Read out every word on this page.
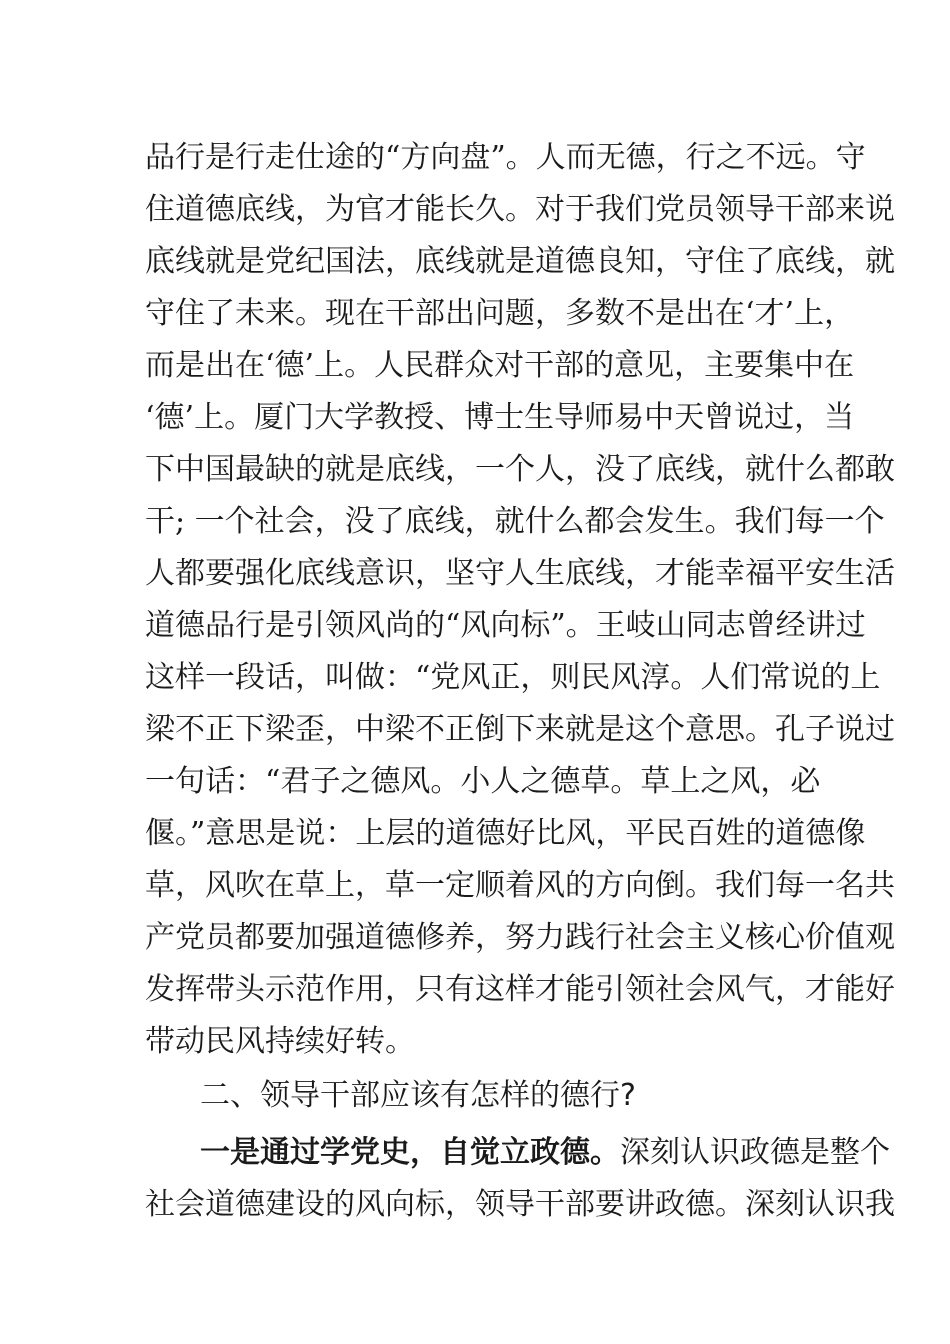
品行是行走仕途的“方向盘”。人而无德，行之不远。守
住道德底线，为官才能长久。对于我们党员领导干部来说
底线就是党纪国法，底线就是道德良知，守住了底线，就
守住了未来。现在干部出问题，多数不是出在‘才’上，
而是出在‘德’上。人民群众对干部的意见，主要集中在
‘德’上。厦门大学教授、博士生导师易中天曾说过，当
下中国最缺的就是底线，一个人，没了底线，就什么都敢
干; 一个社会，没了底线，就什么都会发生。我们每一个
人都要强化底线意识，坚守人生底线，才能幸福平安生活
道德品行是引领风尚的“风向标”。王岐山同志曾经讲过
这样一段话，叫做：“党风正，则民风淳。人们常说的上
梁不正下梁歪，中梁不正倒下来就是这个意思。孔子说过
一句话：“君子之德风。小人之德草。草上之风，必
偃。”意思是说：上层的道德好比风，平民百姓的道德像
草，风吹在草上，草一定顺着风的方向倒。我们每一名共
产党员都要加强道德修养，努力践行社会主义核心价值观
发挥带头示范作用，只有这样才能引领社会风气，才能好
带动民风持续好转。
二、领导干部应该有怎样的德行?
一是通过学党史，自觉立政德。深刻认识政德是整个
社会道德建设的风向标，领导干部要讲政德。深刻认识我
